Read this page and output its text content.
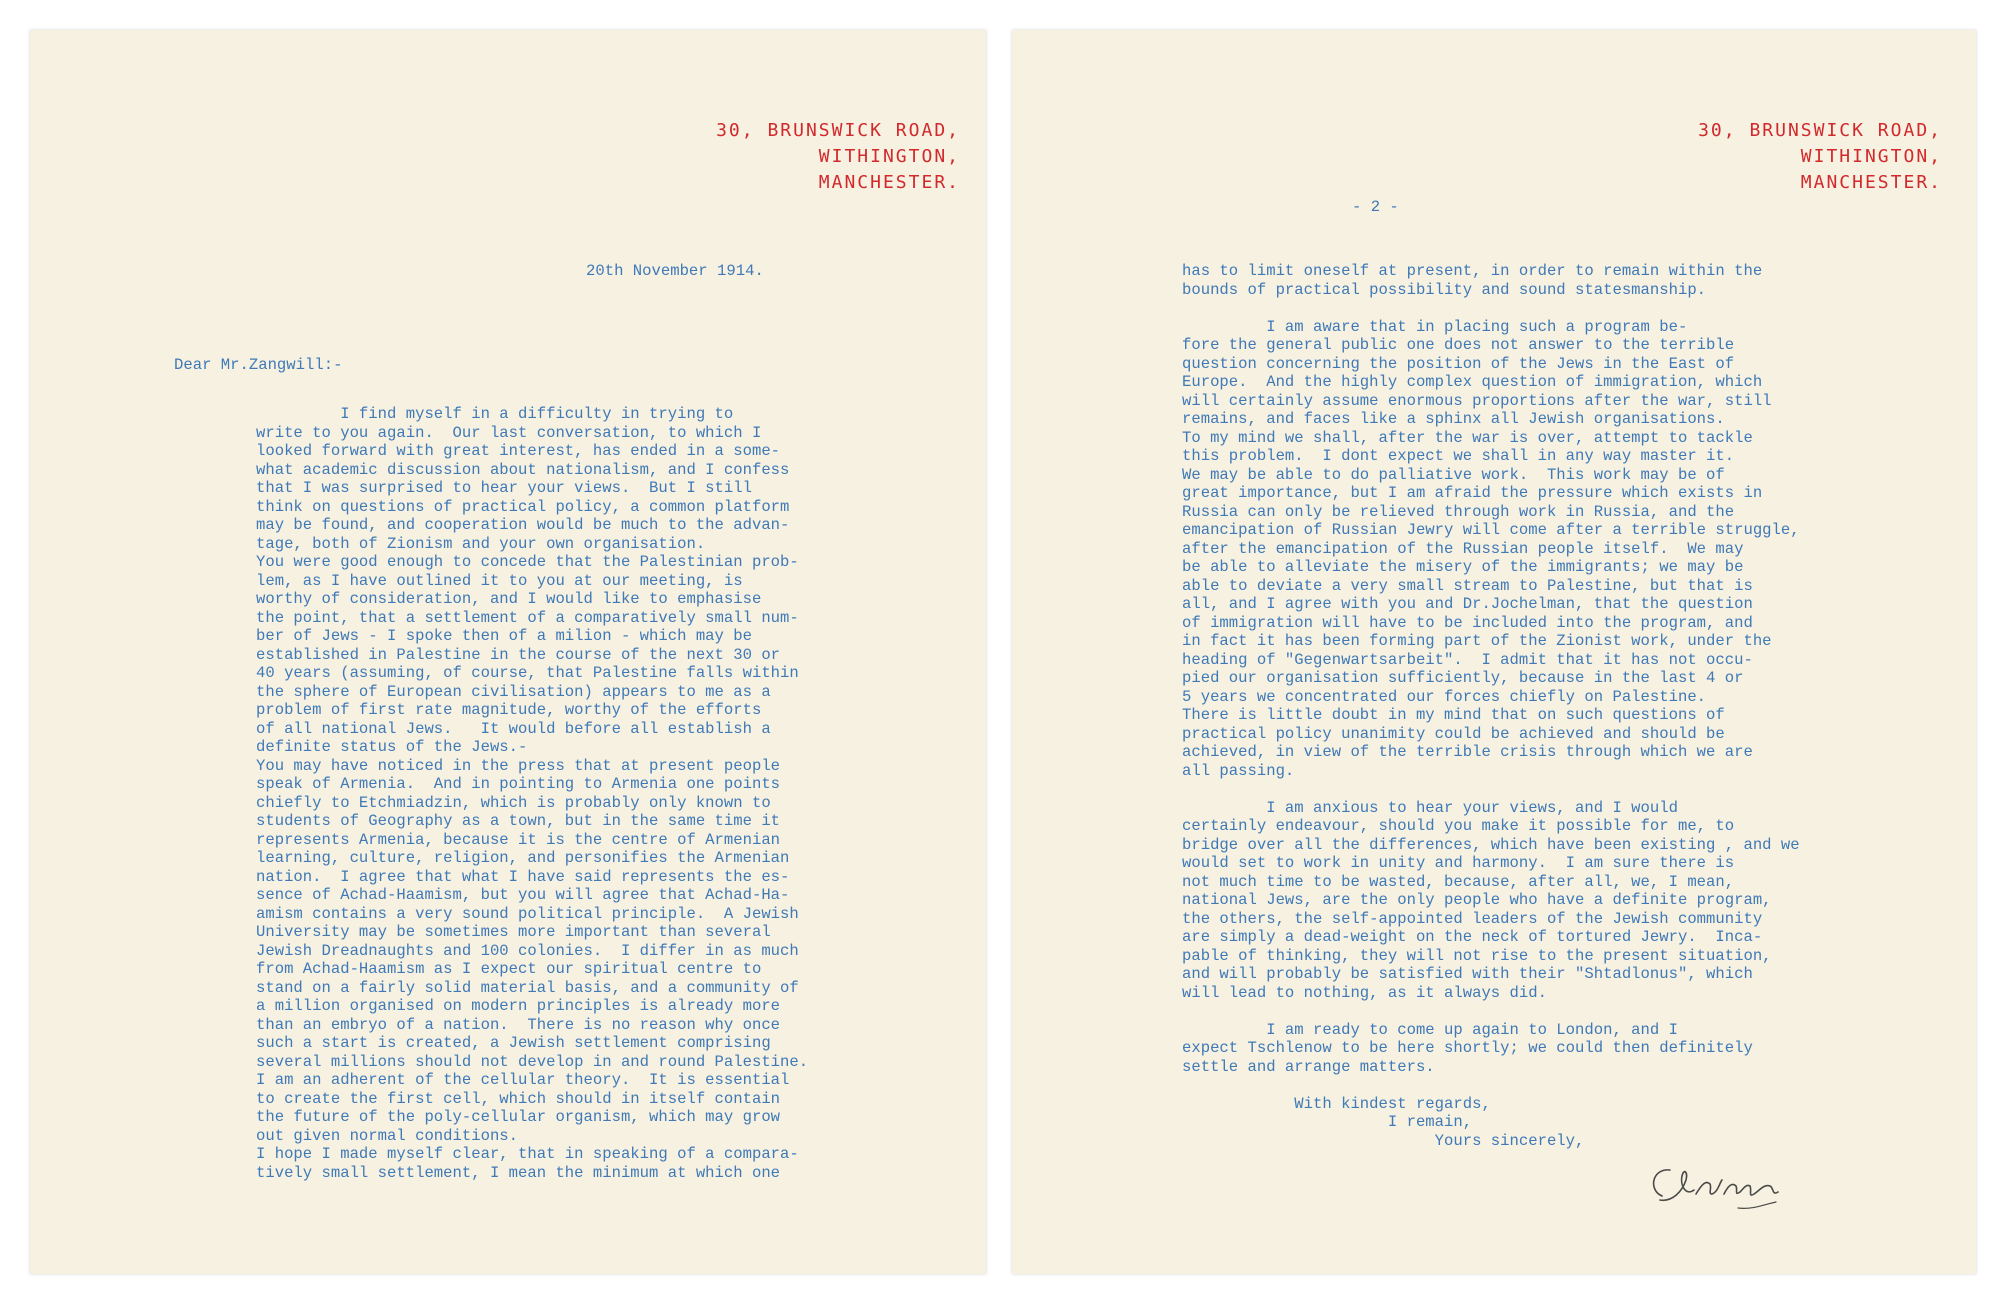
30, BRUNSWICK ROAD,
WITHINGTON,
MANCHESTER.
20th November 1914.
Dear Mr.Zangwill:-
I find myself in a difficulty in trying to
write to you again.  Our last conversation, to which I
looked forward with great interest, has ended in a some-
what academic discussion about nationalism, and I confess
that I was surprised to hear your views.  But I still
think on questions of practical policy, a common platform
may be found, and cooperation would be much to the advan-
tage, both of Zionism and your own organisation.
You were good enough to concede that the Palestinian prob-
lem, as I have outlined it to you at our meeting, is
worthy of consideration, and I would like to emphasise
the point, that a settlement of a comparatively small num-
ber of Jews - I spoke then of a milion - which may be
established in Palestine in the course of the next 30 or
40 years (assuming, of course, that Palestine falls within
the sphere of European civilisation) appears to me as a
problem of first rate magnitude, worthy of the efforts
of all national Jews.   It would before all establish a
definite status of the Jews.-
You may have noticed in the press that at present people
speak of Armenia.  And in pointing to Armenia one points
chiefly to Etchmiadzin, which is probably only known to
students of Geography as a town, but in the same time it
represents Armenia, because it is the centre of Armenian
learning, culture, religion, and personifies the Armenian
nation.  I agree that what I have said represents the es-
sence of Achad-Haamism, but you will agree that Achad-Ha-
amism contains a very sound political principle.  A Jewish
University may be sometimes more important than several
Jewish Dreadnaughts and 100 colonies.  I differ in as much
from Achad-Haamism as I expect our spiritual centre to
stand on a fairly solid material basis, and a community of
a million organised on modern principles is already more
than an embryo of a nation.  There is no reason why once
such a start is created, a Jewish settlement comprising
several millions should not develop in and round Palestine.
I am an adherent of the cellular theory.  It is essential
to create the first cell, which should in itself contain
the future of the poly-cellular organism, which may grow
out given normal conditions.
I hope I made myself clear, that in speaking of a compara-
tively small settlement, I mean the minimum at which one
30, BRUNSWICK ROAD,
WITHINGTON,
MANCHESTER.
- 2 -
has to limit oneself at present, in order to remain within the
bounds of practical possibility and sound statesmanship.

I am aware that in placing such a program be-
fore the general public one does not answer to the terrible
question concerning the position of the Jews in the East of
Europe.  And the highly complex question of immigration, which
will certainly assume enormous proportions after the war, still
remains, and faces like a sphinx all Jewish organisations.
To my mind we shall, after the war is over, attempt to tackle
this problem.  I dont expect we shall in any way master it.
We may be able to do palliative work.  This work may be of
great importance, but I am afraid the pressure which exists in
Russia can only be relieved through work in Russia, and the
emancipation of Russian Jewry will come after a terrible struggle,
after the emancipation of the Russian people itself.  We may
be able to alleviate the misery of the immigrants; we may be
able to deviate a very small stream to Palestine, but that is
all, and I agree with you and Dr.Jochelman, that the question
of immigration will have to be included into the program, and
in fact it has been forming part of the Zionist work, under the
heading of "Gegenwartsarbeit".  I admit that it has not occu-
pied our organisation sufficiently, because in the last 4 or
5 years we concentrated our forces chiefly on Palestine.
There is little doubt in my mind that on such questions of
practical policy unanimity could be achieved and should be
achieved, in view of the terrible crisis through which we are
all passing.

I am anxious to hear your views, and I would
certainly endeavour, should you make it possible for me, to
bridge over all the differences, which have been existing , and we
would set to work in unity and harmony.  I am sure there is
not much time to be wasted, because, after all, we, I mean,
national Jews, are the only people who have a definite program,
the others, the self-appointed leaders of the Jewish community
are simply a dead-weight on the neck of tortured Jewry.  Inca-
pable of thinking, they will not rise to the present situation,
and will probably be satisfied with their "Shtadlonus", which
will lead to nothing, as it always did.

I am ready to come up again to London, and I
expect Tschlenow to be here shortly; we could then definitely
settle and arrange matters.

With kindest regards,
I remain,
Yours sincerely,
